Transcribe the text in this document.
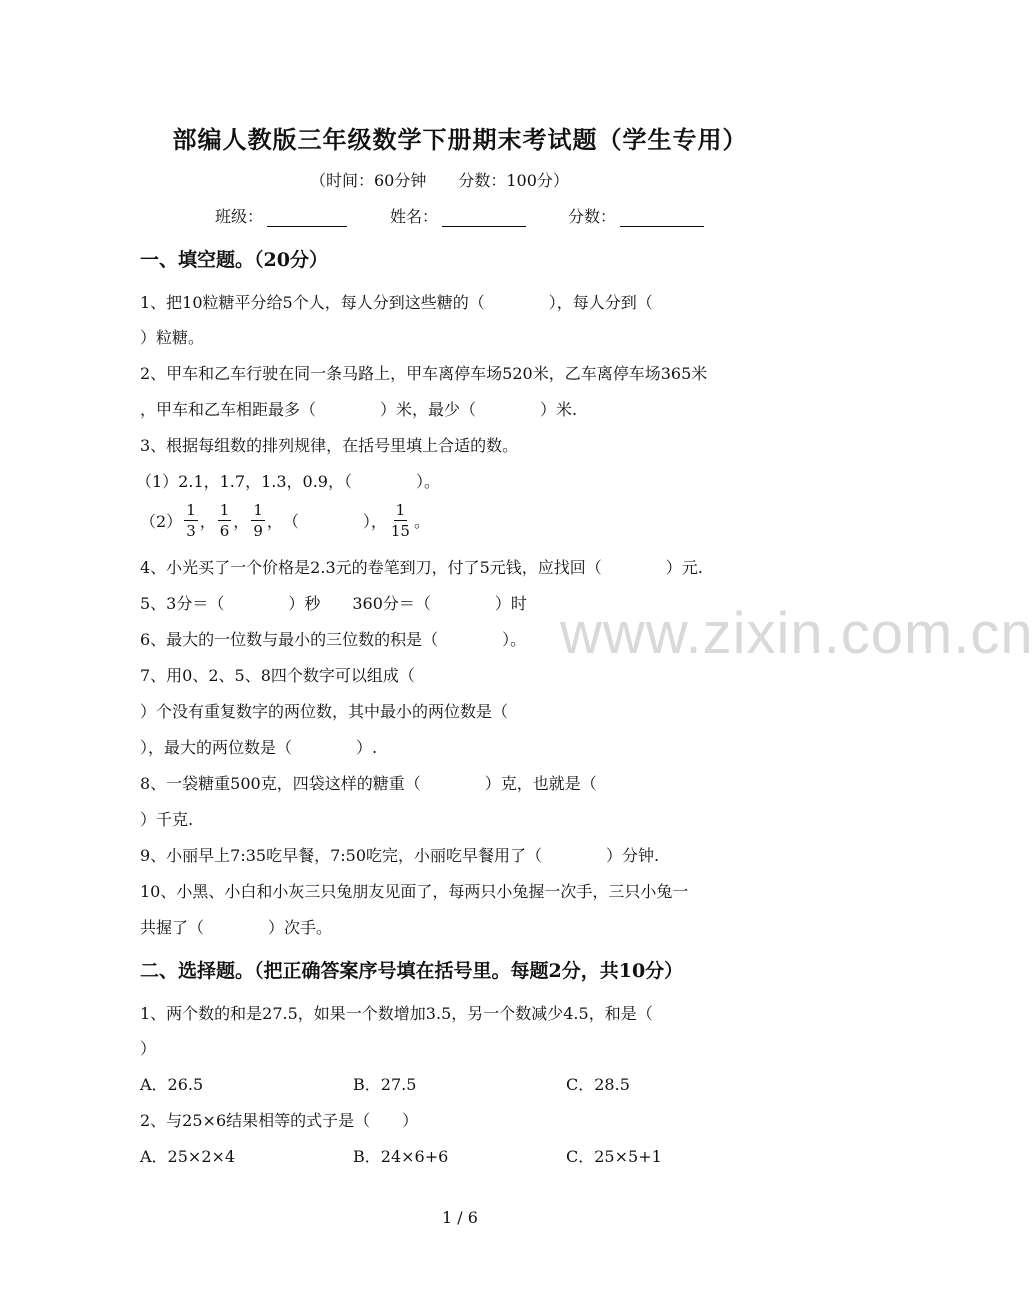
部编人教版三年级数学下册期末考试题（学生专用）
（时间：60分钟　　分数：100分）
班级：	姓名：	分数：
一、填空题。（20分）
1、把10粒糖平分给5个人，每人分到这些糖的（　　　　），每人分到（
）粒糖。
2、甲车和乙车行驶在同一条马路上，甲车离停车场520米，乙车离停车场365米
，甲车和乙车相距最多（　　　　）米，最少（　　　　）米.
3、根据每组数的排列规律，在括号里填上合适的数。
（1）2.1，1.7，1.3，0.9，（　　　　）。
$(2) \frac{1}{3}$ ， $\frac{1}{6}$ ， $\frac{1}{9}$ ， （　　　　）， $\frac{1}{15}$ 。
4、小光买了一个价格是2.3元的卷笔到刀，付了5元钱，应找回（　　　　）元.
5、3分＝（　　　　）秒　　360分＝（　　　　）时
6、最大的一位数与最小的三位数的积是（　　　　）。
7、用0、2、5、8四个数字可以组成（
）个没有重复数字的两位数，其中最小的两位数是（
），最大的两位数是（　　　　）.
8、一袋糖重500克，四袋这样的糖重（　　　　）克，也就是（
）千克.
9、小丽早上7:35吃早餐，7:50吃完，小丽吃早餐用了（　　　　）分钟.
10、小黑、小白和小灰三只兔朋友见面了，每两只小兔握一次手，三只小兔一
共握了（　　　　）次手。
二、选择题。（把正确答案序号填在括号里。每题2分，共10分）
1、两个数的和是27.5，如果一个数增加3.5，另一个数减少4.5，和是（
）
A．26.5	B．27.5	C．28.5
2、与25×6结果相等的式子是（　　）
A．25×2×4	B．24×6+6	C．25×5+1
www.zixin.com.cn
1 / 6
